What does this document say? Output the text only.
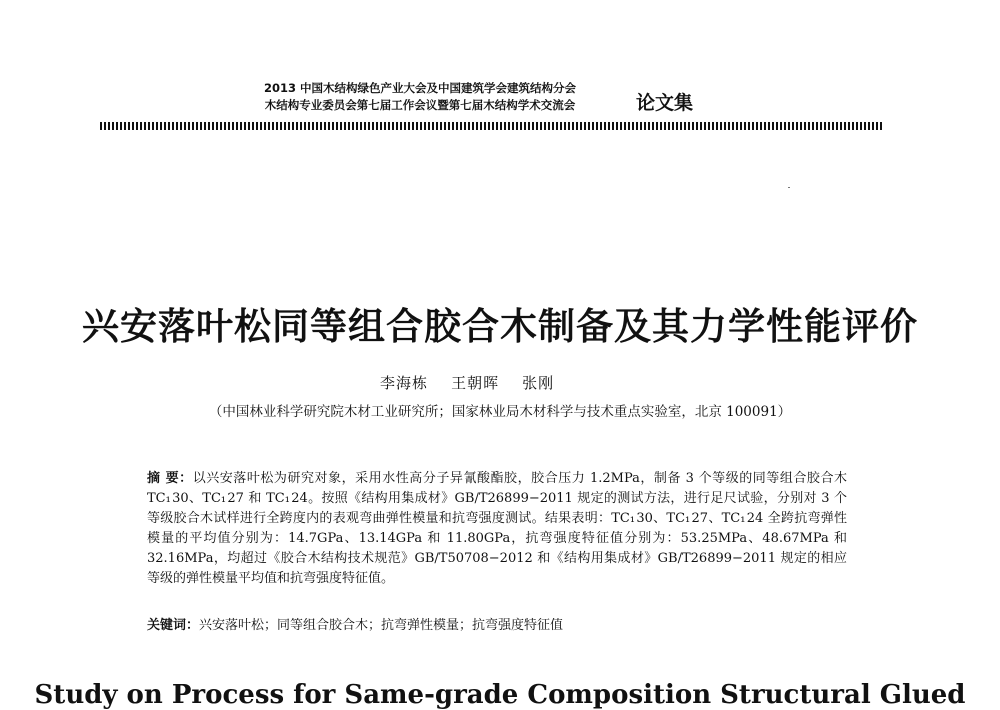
2013 中国木结构绿色产业大会及中国建筑学会建筑结构分会
木结构专业委员会第七届工作会议暨第七届木结构学术交流会	论文集
兴安落叶松同等组合胶合木制备及其力学性能评价
李海栋    王朝晖    张刚
（中国林业科学研究院木材工业研究所；国家林业局木材科学与技术重点实验室，北京 100091）
摘 要：以兴安落叶松为研究对象，采用水性高分子异氰酸酯胶，胶合压力 1.2MPa，制备 3 个等级的同等组合胶合木 TC₁ 30、TC₁ 27 和 TC₁ 24。按照《结构用集成材》GB/T26899−2011 规定的测试方法，进行足尺试验，分别对 3 个等级胶合木试样进行全跨度内的表观弯曲弹性模量和抗弯强度测试。结果表明：TC₁ 30、TC₁ 27、TC₁ 24 全跨抗弯弹性模量的平均值分别为：14.7GPa、13.14GPa 和 11.80GPa，抗弯强度特征值分别为：53.25MPa、48.67MPa 和 32.16MPa，均超过《胶合木结构技术规范》GB/T50708−2012 和《结构用集成材》GB/T26899−2011 规定的相应等级的弹性模量平均值和抗弯强度特征值。
关键词：兴安落叶松；同等组合胶合木；抗弯弹性模量；抗弯强度特征值
Study on Process for Same-grade Composition Structural Glued
